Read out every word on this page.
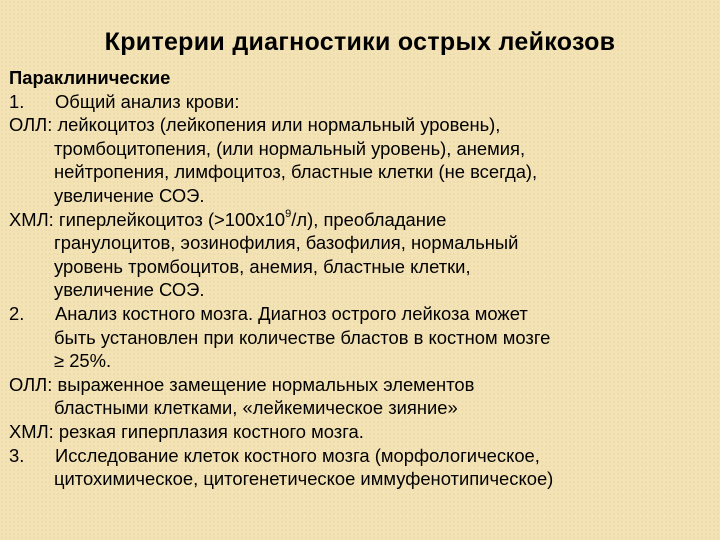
Критерии диагностики острых лейкозов
Параклинические
1. Общий анализ крови:
ОЛЛ: лейкоцитоз (лейкопения или нормальный уровень),
тромбоцитопения, (или нормальный уровень), анемия,
нейтропения, лимфоцитоз, бластные клетки (не всегда),
увеличение СОЭ.
ХМЛ: гиперлейкоцитоз $(>100х10^9/л)$, преобладание
гранулоцитов, эозинофилия, базофилия, нормальный
уровень тромбоцитов, анемия, бластные клетки,
увеличение СОЭ.
2. Анализ костного мозга. Диагноз острого лейкоза может
быть установлен при количестве бластов в костном мозге
≥ 25%.
ОЛЛ: выраженное замещение нормальных элементов
бластными клетками, «лейкемическое зияние»
ХМЛ: резкая гиперплазия костного мозга.
3. Исследование клеток костного мозга (морфологическое,
цитохимическое, цитогенетическое иммуфенотипическое)
